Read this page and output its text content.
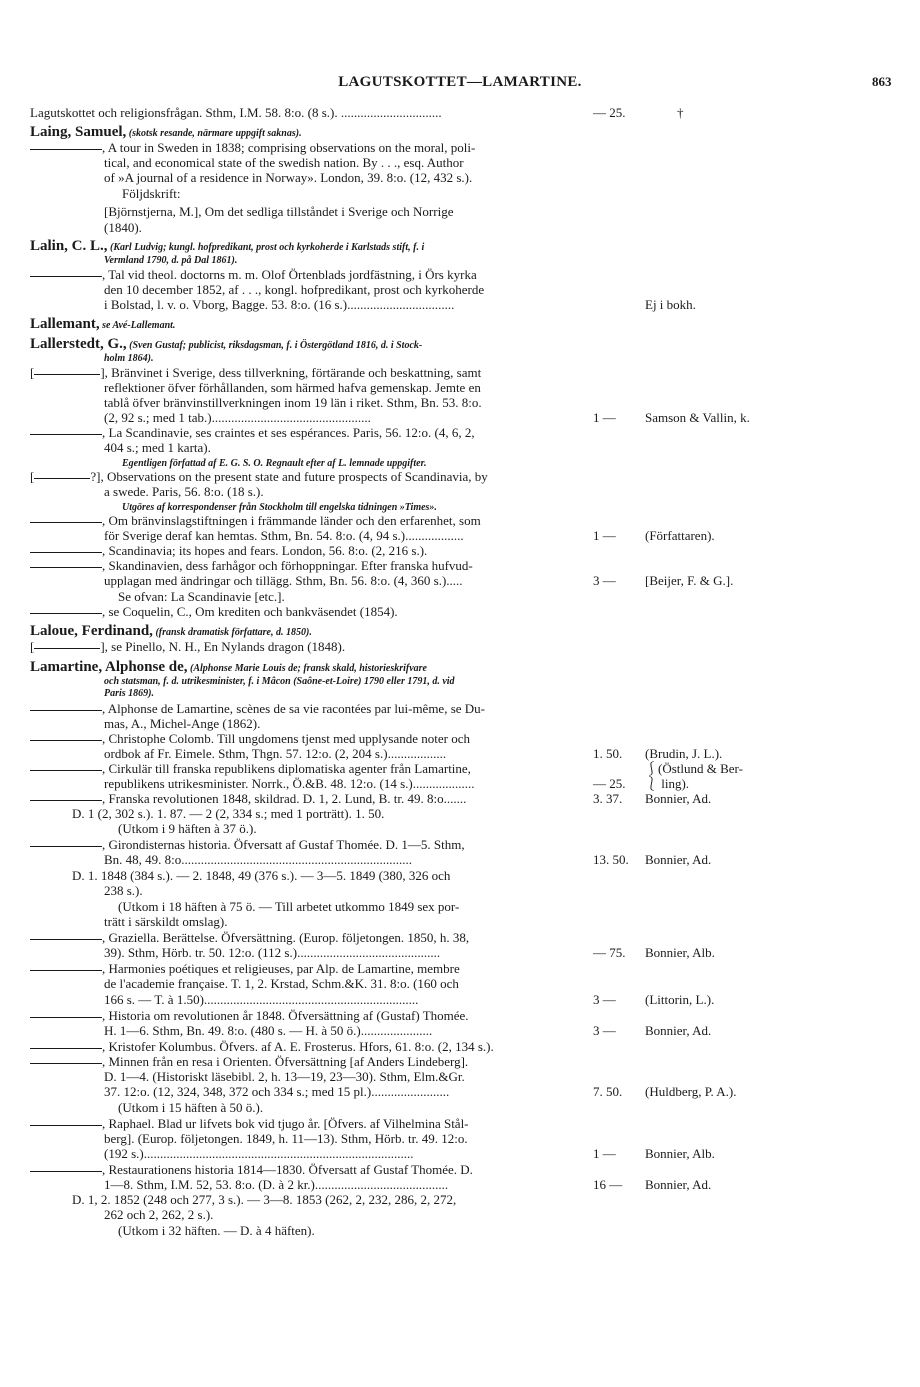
LAGUTSKOTTET—LAMARTINE.	863
Lagutskottet och religionsfrågan. Sthm, I.M. 58. 8:o. (8 s.). ...............................	— 25.	†
Laing, Samuel, (skotsk resande, närmare uppgift saknas).
, A tour in Sweden in 1838; comprising observations on the moral, poli-
tical, and economical state of the swedish nation. By . . ., esq. Author
of »A journal of a residence in Norway». London, 39. 8:o. (12, 432 s.).
Följdskrift:
[Björnstjerna, M.], Om det sedliga tillståndet i Sverige och Norrige
(1840).
Lalin, C. L., (Karl Ludvig; kungl. hofpredikant, prost och kyrkoherde i Karlstads stift, f. i
Vermland 1790, d. på Dal 1861).
, Tal vid theol. doctorns m. m. Olof Örtenblads jordfästning, i Örs kyrka
den 10 december 1852, af . . ., kongl. hofpredikant, prost och kyrkoherde
i Bolstad, l. v. o. Vborg, Bagge. 53. 8:o. (16 s.).................................	Ej i bokh.
Lallemant, se Avé-Lallemant.
Lallerstedt, G., (Sven Gustaf; publicist, riksdagsman, f. i Östergötland 1816, d. i Stock-
holm 1864).
[	], Bränvinet i Sverige, dess tillverkning, förtärande och beskattning, samt
reflektioner öfver förhållanden, som härmed hafva gemenskap. Jemte en
tablå öfver bränvinstillverkningen inom 19 län i riket. Sthm, Bn. 53. 8:o.
(2, 92 s.; med 1 tab.).................................................	1 — Samson & Vallin, k.
, La Scandinavie, ses craintes et ses espérances. Paris, 56. 12:o. (4, 6, 2,
404 s.; med 1 karta).
Egentligen författad af E. G. S. O. Regnault efter af L. lemnade uppgifter.
[	?], Observations on the present state and future prospects of Scandinavia, by
a swede. Paris, 56. 8:o. (18 s.).
Utgöres af korrespondenser från Stockholm till engelska tidningen »Times».
, Om bränvinslagstiftningen i främmande länder och den erfarenhet, som
för Sverige deraf kan hemtas. Sthm, Bn. 54. 8:o. (4, 94 s.)..................	1 — (Författaren).
, Scandinavia; its hopes and fears. London, 56. 8:o. (2, 216 s.).
, Skandinavien, dess farhågor och förhoppningar. Efter franska hufvud-
upplagan med ändringar och tillägg. Sthm, Bn. 56. 8:o. (4, 360 s.).....	3 — [Beijer, F. & G.].
Se ofvan: La Scandinavie [etc.].
, se Coquelin, C., Om krediten och bankväsendet (1854).
Laloue, Ferdinand, (fransk dramatisk författare, d. 1850).
[	], se Pinello, N. H., En Nylands dragon (1848).
Lamartine, Alphonse de, (Alphonse Marie Louis de; fransk skald, historieskrifvare
och statsman, f. d. utrikesminister, f. i Mâcon (Saône-et-Loire) 1790 eller 1791, d. vid
Paris 1869).
, Alphonse de Lamartine, scènes de sa vie racontées par lui-même, se Du-
mas, A., Michel-Ange (1862).
, Christophe Colomb. Till ungdomens tjenst med upplysande noter och
ordbok af Fr. Eimele. Sthm, Thgn. 57. 12:o. (2, 204 s.)..................	1. 50. (Brudin, J. L.).
, Cirkulär till franska republikens diplomatiska agenter från Lamartine,	⎰(Östlund & Ber-
republikens utrikesminister. Norrk., Ö.&B. 48. 12:o. (14 s.)...................	— 25. ⎱ ling).
, Franska revolutionen 1848, skildrad. D. 1, 2. Lund, B. tr. 49. 8:o.......	3. 37. Bonnier, Ad.
D. 1 (2, 302 s.). 1. 87. — 2 (2, 334 s.; med 1 porträtt). 1. 50.
(Utkom i 9 häften à 37 ö.).
, Girondisternas historia. Öfversatt af Gustaf Thomée. D. 1—5. Sthm,
Bn. 48, 49. 8:o.......................................................................	13. 50. Bonnier, Ad.
D. 1. 1848 (384 s.). — 2. 1848, 49 (376 s.). — 3—5. 1849 (380, 326 och
238 s.).
(Utkom i 18 häften à 75 ö. — Till arbetet utkommo 1849 sex por-
trätt i särskildt omslag).
, Graziella. Berättelse. Öfversättning. (Europ. följetongen. 1850, h. 38,
39). Sthm, Hörb. tr. 50. 12:o. (112 s.)............................................	— 75. Bonnier, Alb.
, Harmonies poétiques et religieuses, par Alp. de Lamartine, membre
de l'academie française. T. 1, 2. Krstad, Schm.&K. 31. 8:o. (160 och
166 s. — T. à 1.50)..................................................................	3 — (Littorin, L.).
, Historia om revolutionen år 1848. Öfversättning af (Gustaf) Thomée.
H. 1—6. Sthm, Bn. 49. 8:o. (480 s. — H. à 50 ö.)......................	3 — Bonnier, Ad.
, Kristofer Kolumbus. Öfvers. af A. E. Frosterus. Hfors, 61. 8:o. (2, 134 s.).
, Minnen från en resa i Orienten. Öfversättning [af Anders Lindeberg].
D. 1—4. (Historiskt läsebibl. 2, h. 13—19, 23—30). Sthm, Elm.&Gr.
37. 12:o. (12, 324, 348, 372 och 334 s.; med 15 pl.)........................	7. 50. (Huldberg, P. A.).
(Utkom i 15 häften à 50 ö.).
, Raphael. Blad ur lifvets bok vid tjugo år. [Öfvers. af Vilhelmina Stål-
berg]. (Europ. följetongen. 1849, h. 11—13). Sthm, Hörb. tr. 49. 12:o.
(192 s.)...................................................................................	1 — Bonnier, Alb.
, Restaurationens historia 1814—1830. Öfversatt af Gustaf Thomée. D.
1—8. Sthm, I.M. 52, 53. 8:o. (D. à 2 kr.).........................................	16 — Bonnier, Ad.
D. 1, 2. 1852 (248 och 277, 3 s.). — 3—8. 1853 (262, 2, 232, 286, 2, 272,
262 och 2, 262, 2 s.).
(Utkom i 32 häften. — D. à 4 häften).
